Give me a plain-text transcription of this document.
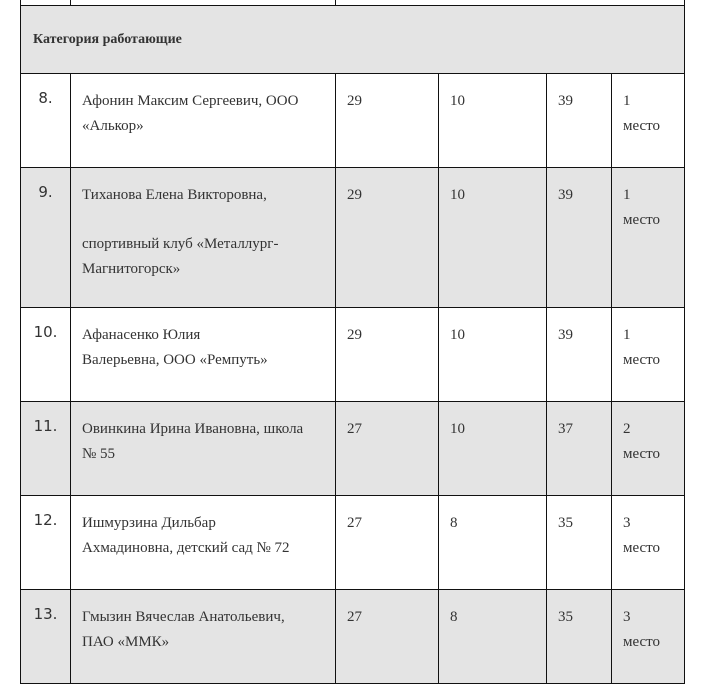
Категория работающие					
8.	Афонин Максим Сергеевич, ООО
«Алькор»	29	10	39	1
место

9.	Тиханова Елена Викторовна,

спортивный клуб «Металлург-
Магнитогорск»	29	10	39	1
место

10.	Афанасенко Юлия
Валерьевна, ООО «Ремпуть»	29	10	39	1
место

11.	Овинкина Ирина Ивановна, школа
№ 55	27	10	37	2
место

12.	Ишмурзина Дильбар
Ахмадиновна, детский сад № 72	27	8	35	3
место

13.	Гмызин Вячеслав Анатольевич,
ПАО «ММК»	27	8	35	3
место
